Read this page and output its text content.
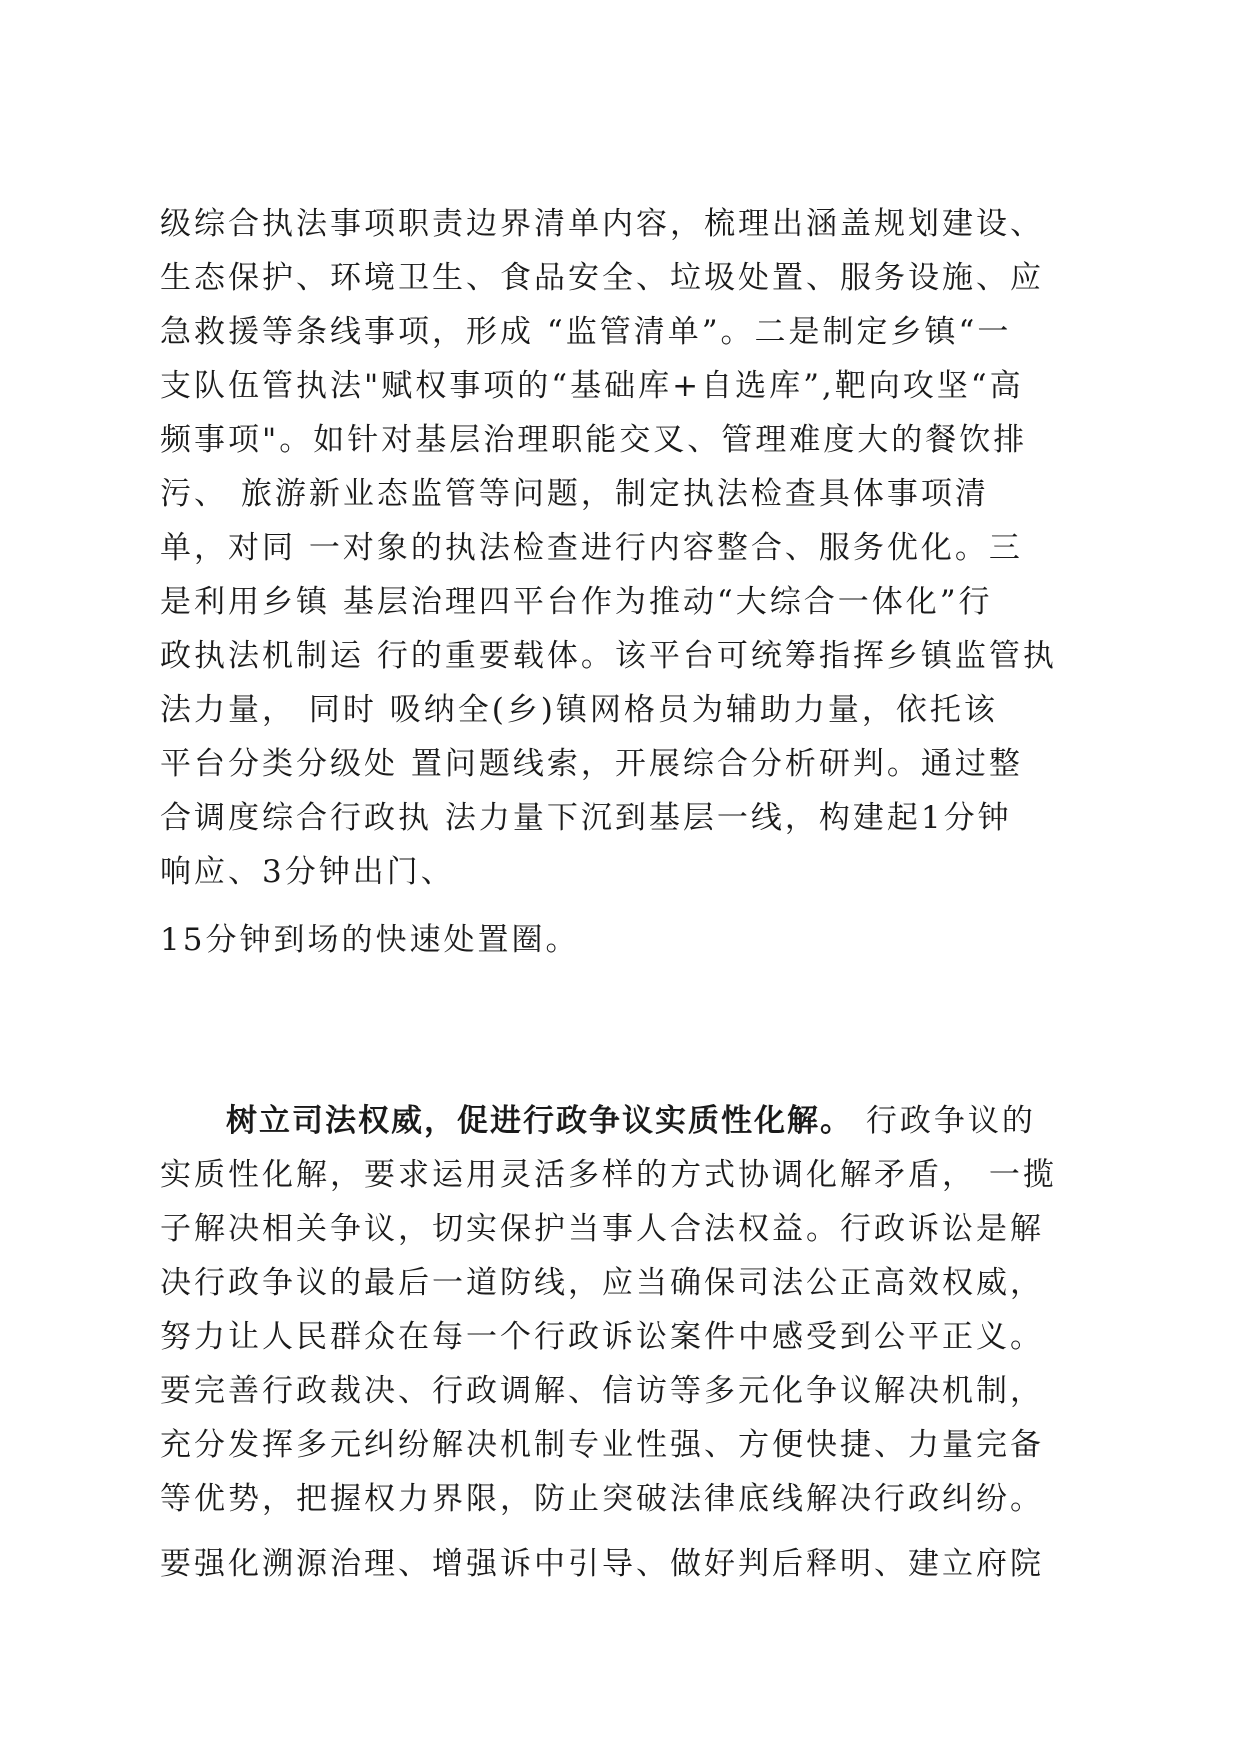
级综合执法事项职责边界清单内容，梳理出涵盖规划建设、
生态保护、环境卫生、食品安全、垃圾处置、服务设施、应
急救援等条线事项，形成 “监管清单”。二是制定乡镇“一
支队伍管执法"赋权事项的“基础库+自选库”,靶向攻坚“高
频事项"。如针对基层治理职能交叉、管理难度大的餐饮排
污、 旅游新业态监管等问题，制定执法检查具体事项清
单，对同 一对象的执法检查进行内容整合、服务优化。三
是利用乡镇 基层治理四平台作为推动“大综合一体化”行
政执法机制运 行的重要载体。该平台可统筹指挥乡镇监管执
法力量， 同时 吸纳全(乡)镇网格员为辅助力量，依托该
平台分类分级处 置问题线索，开展综合分析研判。通过整
合调度综合行政执 法力量下沉到基层一线，构建起1分钟
响应、3分钟出门、
15分钟到场的快速处置圈。
树立司法权威，促进行政争议实质性化解。 行政争议的
实质性化解，要求运用灵活多样的方式协调化解矛盾， 一揽
子解决相关争议，切实保护当事人合法权益。行政诉讼是解
决行政争议的最后一道防线，应当确保司法公正高效权威，
努力让人民群众在每一个行政诉讼案件中感受到公平正义。
要完善行政裁决、行政调解、信访等多元化争议解决机制，
充分发挥多元纠纷解决机制专业性强、方便快捷、力量完备
等优势，把握权力界限，防止突破法律底线解决行政纠纷。
要强化溯源治理、增强诉中引导、做好判后释明、建立府院
